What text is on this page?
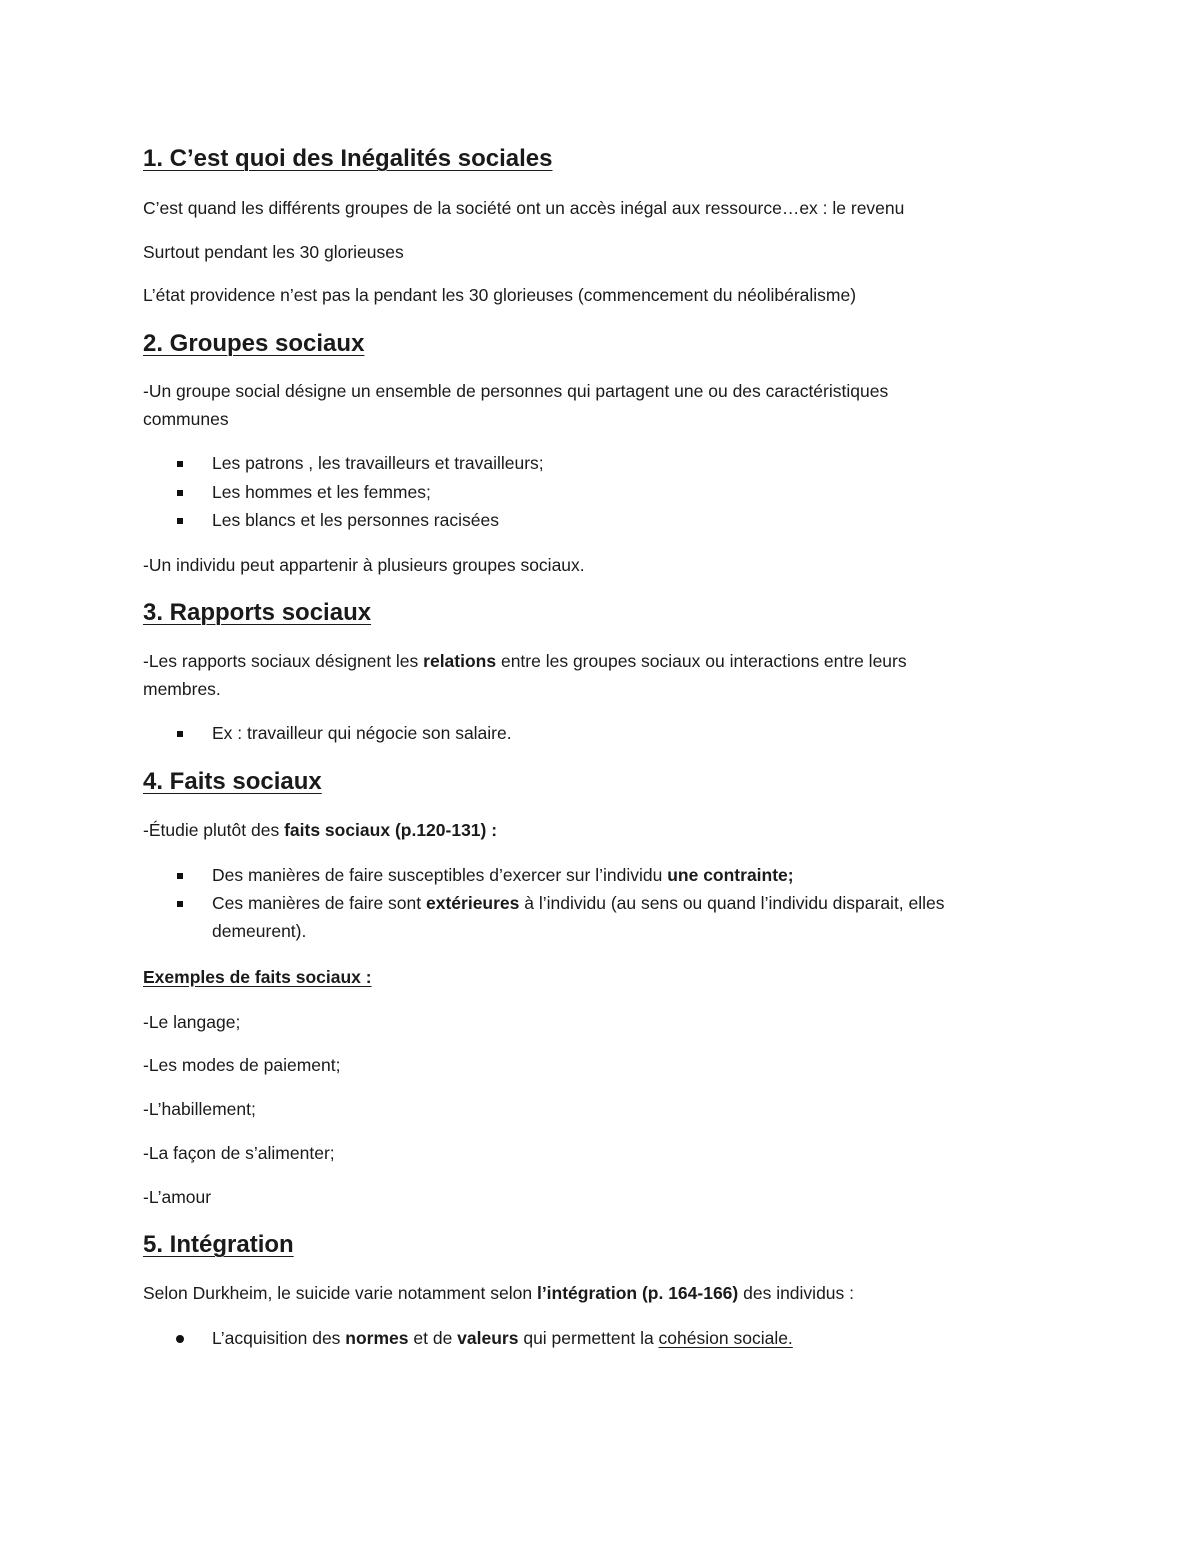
1. C’est quoi des Inégalités sociales

C’est quand les différents groupes de la société ont un accès inégal aux ressource…ex : le revenu

Surtout pendant les 30 glorieuses

L’état providence n’est pas la pendant les 30 glorieuses (commencement du néolibéralisme)

2. Groupes sociaux

-Un groupe social désigne un ensemble de personnes qui partagent une ou des caractéristiques

communes

Les patrons , les travailleurs et travailleurs;

Les hommes et les femmes;

Les blancs et les personnes racisées

-Un individu peut appartenir à plusieurs groupes sociaux.

3. Rapports sociaux

-Les rapports sociaux désignent les relations entre les groupes sociaux ou interactions entre leurs

membres.

Ex : travailleur qui négocie son salaire.

4. Faits sociaux

-Étudie plutôt des faits sociaux (p.120-131) :

Des manières de faire susceptibles d’exercer sur l’individu une contrainte;

Ces manières de faire sont extérieures à l’individu (au sens ou quand l’individu disparait, elles

demeurent).

Exemples de faits sociaux :

-Le langage;

-Les modes de paiement;

-L’habillement;

-La façon de s’alimenter;

-L’amour

5. Intégration

Selon Durkheim, le suicide varie notamment selon l’intégration (p. 164-166) des individus :

L’acquisition des normes et de valeurs qui permettent la cohésion sociale.
